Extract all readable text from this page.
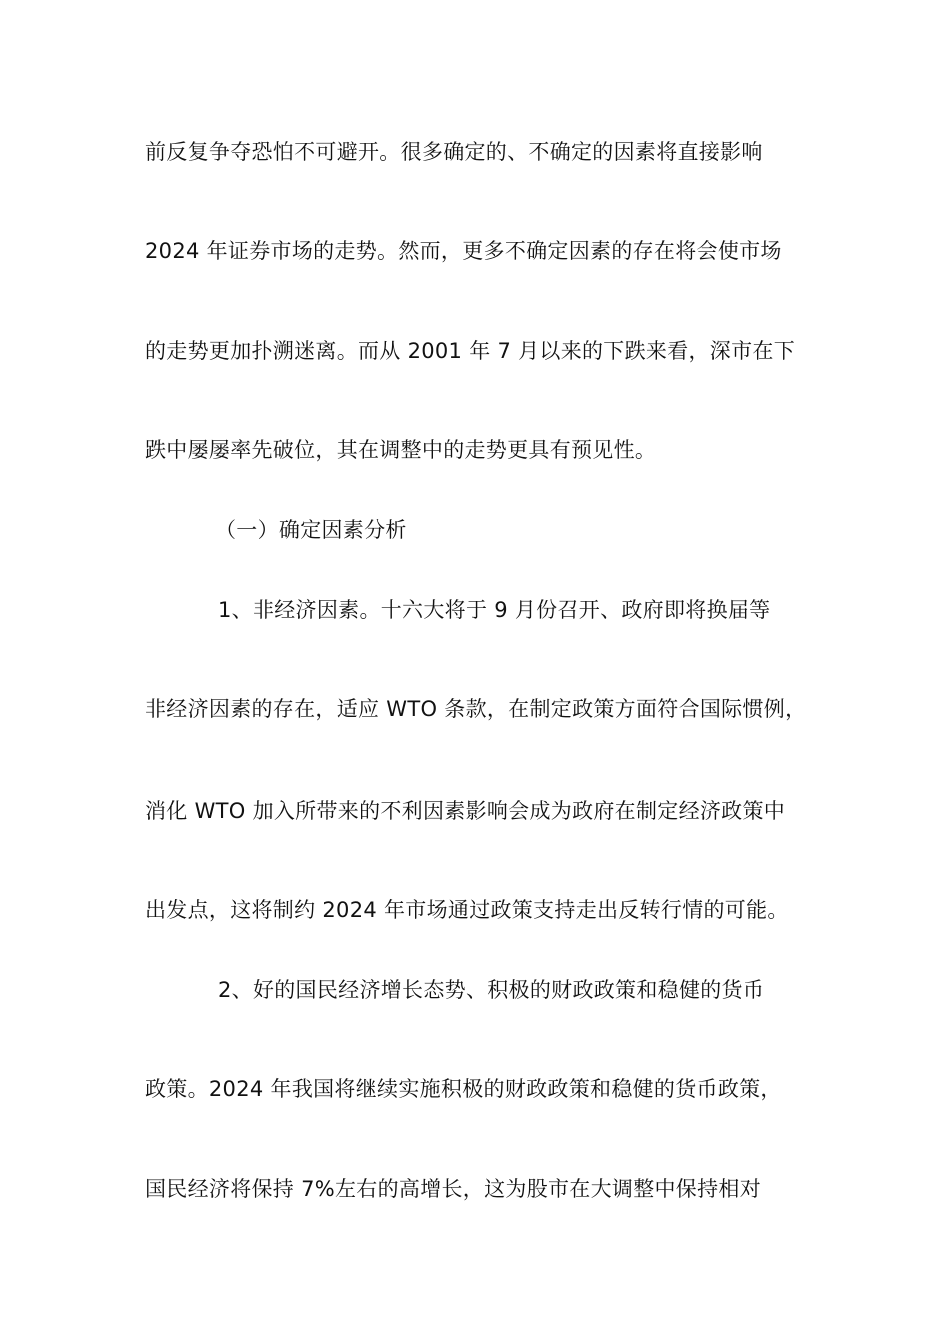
前反复争夺恐怕不可避开。很多确定的、不确定的因素将直接影响
2024 年证券市场的走势。然而，更多不确定因素的存在将会使市场
的走势更加扑溯迷离。而从 2001 年 7 月以来的下跌来看，深市在下
跌中屡屡率先破位，其在调整中的走势更具有预见性。
（一）确定因素分析
1、非经济因素。十六大将于 9 月份召开、政府即将换届等
非经济因素的存在，适应 WTO 条款，在制定政策方面符合国际惯例，
消化 WTO 加入所带来的不利因素影响会成为政府在制定经济政策中
出发点，这将制约 2024 年市场通过政策支持走出反转行情的可能。
2、好的国民经济增长态势、积极的财政政策和稳健的货币
政策。2024 年我国将继续实施积极的财政政策和稳健的货币政策，
国民经济将保持 7%左右的高增长，这为股市在大调整中保持相对
